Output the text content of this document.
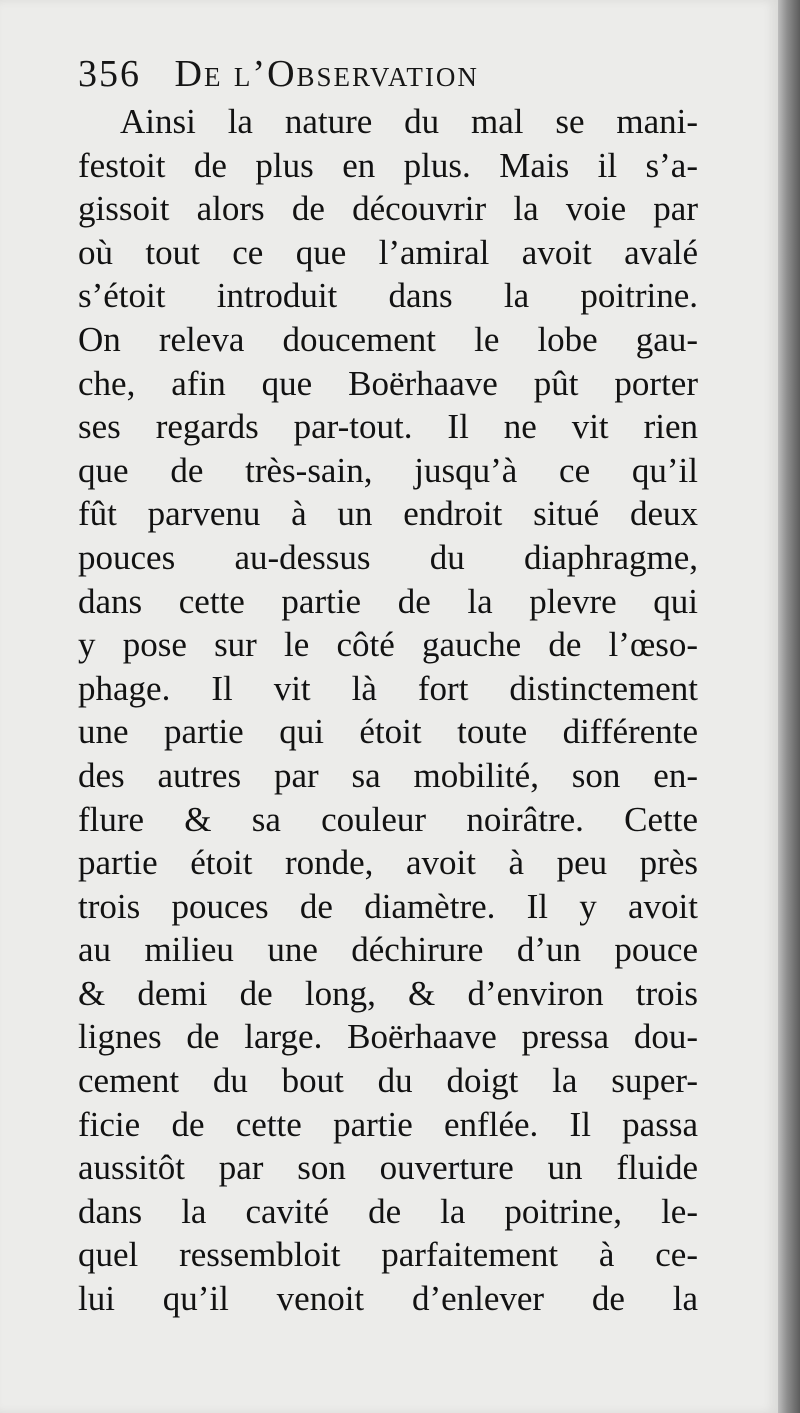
356 De l’Observation
Ainsi la nature du mal se mani-
festoit de plus en plus. Mais il s’a-
gissoit alors de découvrir la voie par
où tout ce que l’amiral avoit avalé
s’étoit introduit dans la poitrine.
On releva doucement le lobe gau-
che, afin que Boërhaave pût porter
ses regards par-tout. Il ne vit rien
que de très-sain, jusqu’à ce qu’il
fût parvenu à un endroit situé deux
pouces au-dessus du diaphragme,
dans cette partie de la plevre qui
y pose sur le côté gauche de l’œso-
phage. Il vit là fort distinctement
une partie qui étoit toute différente
des autres par sa mobilité, son en-
flure & sa couleur noirâtre. Cette
partie étoit ronde, avoit à peu près
trois pouces de diamètre. Il y avoit
au milieu une déchirure d’un pouce
& demi de long, & d’environ trois
lignes de large. Boërhaave pressa dou-
cement du bout du doigt la super-
ficie de cette partie enflée. Il passa
aussitôt par son ouverture un fluide
dans la cavité de la poitrine, le-
quel ressembloit parfaitement à ce-
lui qu’il venoit d’enlever de la
